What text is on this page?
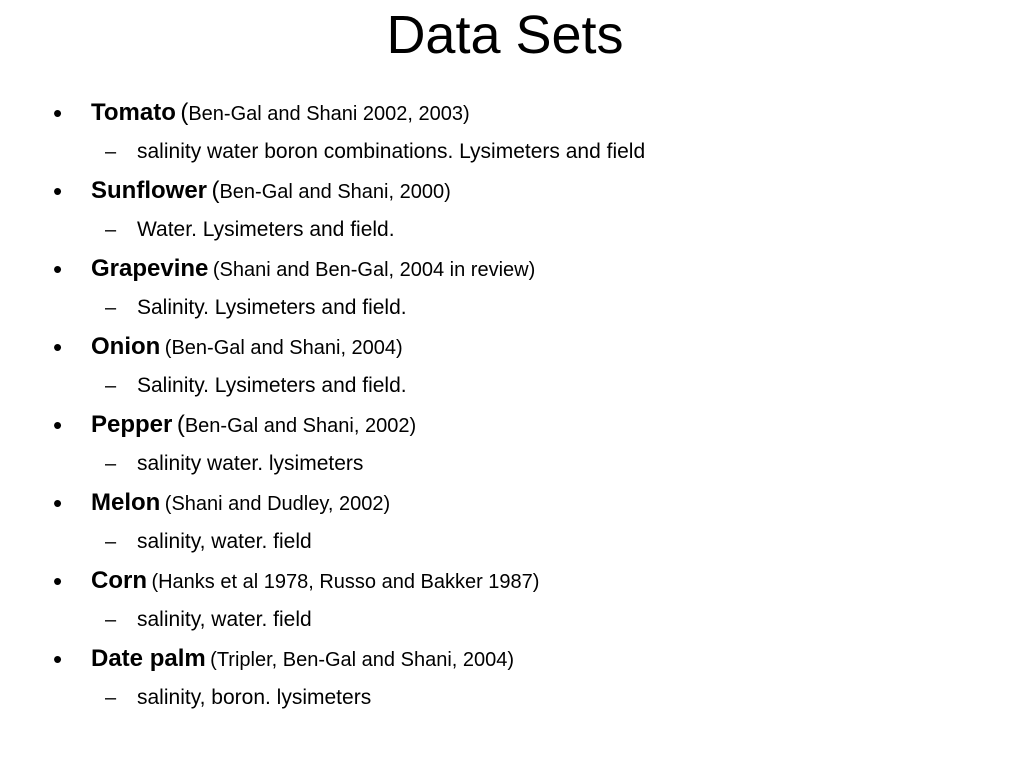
Data Sets
• Tomato (Ben-Gal and Shani 2002, 2003)
– salinity water boron combinations. Lysimeters and field
• Sunflower (Ben-Gal and Shani, 2000)
– Water. Lysimeters and field.
• Grapevine (Shani and Ben-Gal, 2004 in review)
– Salinity. Lysimeters and field.
• Onion (Ben-Gal and Shani, 2004)
– Salinity. Lysimeters and field.
• Pepper (Ben-Gal and Shani, 2002)
– salinity water. lysimeters
• Melon (Shani and Dudley, 2002)
– salinity, water. field
• Corn (Hanks et al 1978, Russo and Bakker 1987)
– salinity, water. field
• Date palm (Tripler, Ben-Gal and Shani, 2004)
– salinity, boron. lysimeters
